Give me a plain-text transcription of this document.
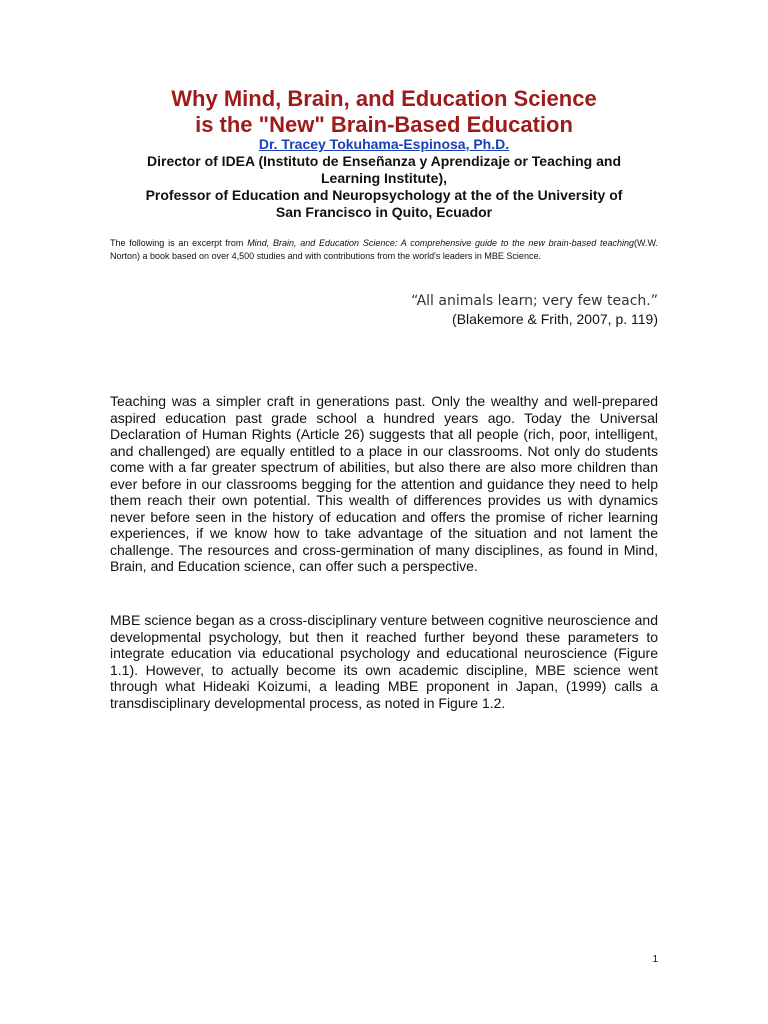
Why Mind, Brain, and Education Science
is the "New" Brain-Based Education
Dr. Tracey Tokuhama-Espinosa, Ph.D.
Director of IDEA (Instituto de Enseñanza y Aprendizaje or Teaching and
Learning Institute),
Professor of Education and Neuropsychology at the of the University of
San Francisco in Quito, Ecuador
The following is an excerpt from Mind, Brain, and Education Science: A comprehensive guide to the new brain-based teaching(W.W. Norton) a book based on over 4,500 studies and with contributions from the world's leaders in MBE Science.
“All animals learn; very few teach.”
(Blakemore & Frith, 2007, p. 119)

Teaching was a simpler craft in generations past. Only the wealthy and well-prepared aspired education past grade school a hundred years ago. Today the Universal Declaration of Human Rights (Article 26) suggests that all people (rich, poor, intelligent, and challenged) are equally entitled to a place in our classrooms. Not only do students come with a far greater spectrum of abilities, but also there are also more children than ever before in our classrooms begging for the attention and guidance they need to help them reach their own potential. This wealth of differences provides us with dynamics never before seen in the history of education and offers the promise of richer learning experiences, if we know how to take advantage of the situation and not lament the challenge. The resources and cross-germination of many disciplines, as found in Mind, Brain, and Education science, can offer such a perspective.

MBE science began as a cross-disciplinary venture between cognitive neuroscience and developmental psychology, but then it reached further beyond these parameters to integrate education via educational psychology and educational neuroscience (Figure 1.1). However, to actually become its own academic discipline, MBE science went through what Hideaki Koizumi, a leading MBE proponent in Japan, (1999) calls a transdisciplinary developmental process, as noted in Figure 1.2.

1
